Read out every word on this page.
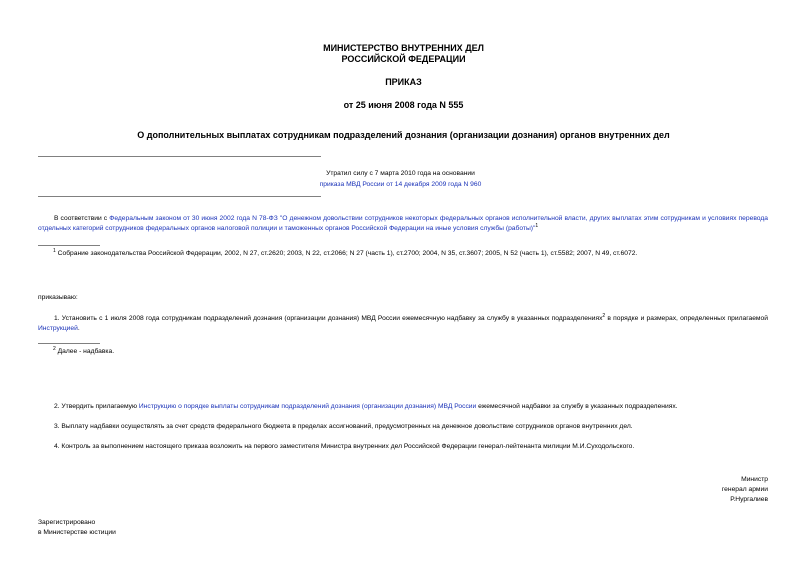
МИНИСТЕРСТВО ВНУТРЕННИХ ДЕЛ
РОССИЙСКОЙ ФЕДЕРАЦИИ
ПРИКАЗ
от 25 июня 2008 года N 555
О дополнительных выплатах сотрудникам подразделений дознания (организации дознания) органов внутренних дел
Утратил силу с 7 марта 2010 года на основании
приказа МВД России от 14 декабря 2009 года N 960
В соответствии с Федеральным законом от 30 июня 2002 года N 78-ФЗ "О денежном довольствии сотрудников некоторых федеральных органов исполнительной власти, других выплатах этим сотрудникам и условиях перевода отдельных категорий сотрудников федеральных органов налоговой полиции и таможенных органов Российской Федерации на иные условия службы (работы)"$^1$
$^1$ Собрание законодательства Российской Федерации, 2002, N 27, ст.2620; 2003, N 22, ст.2066; N 27 (часть 1), ст.2700; 2004, N 35, ст.3607; 2005, N 52 (часть 1), ст.5582; 2007, N 49, ст.6072.
приказываю:
1. Установить с 1 июля 2008 года сотрудникам подразделений дознания (организации дознания) МВД России ежемесячную надбавку за службу в указанных подразделениях$^2$ в порядке и размерах, определенных прилагаемой Инструкцией.
$^2$ Далее - надбавка.
2. Утвердить прилагаемую Инструкцию о порядке выплаты сотрудникам подразделений дознания (организации дознания) МВД России ежемесячной надбавки за службу в указанных подразделениях.
3. Выплату надбавки осуществлять за счет средств федерального бюджета в пределах ассигнований, предусмотренных на денежное довольствие сотрудников органов внутренних дел.
4. Контроль за выполнением настоящего приказа возложить на первого заместителя Министра внутренних дел Российской Федерации генерал-лейтенанта милиции М.И.Суходольского.
Министр
генерал армии
Р.Нургалиев
Зарегистрировано
в Министерстве юстиции
